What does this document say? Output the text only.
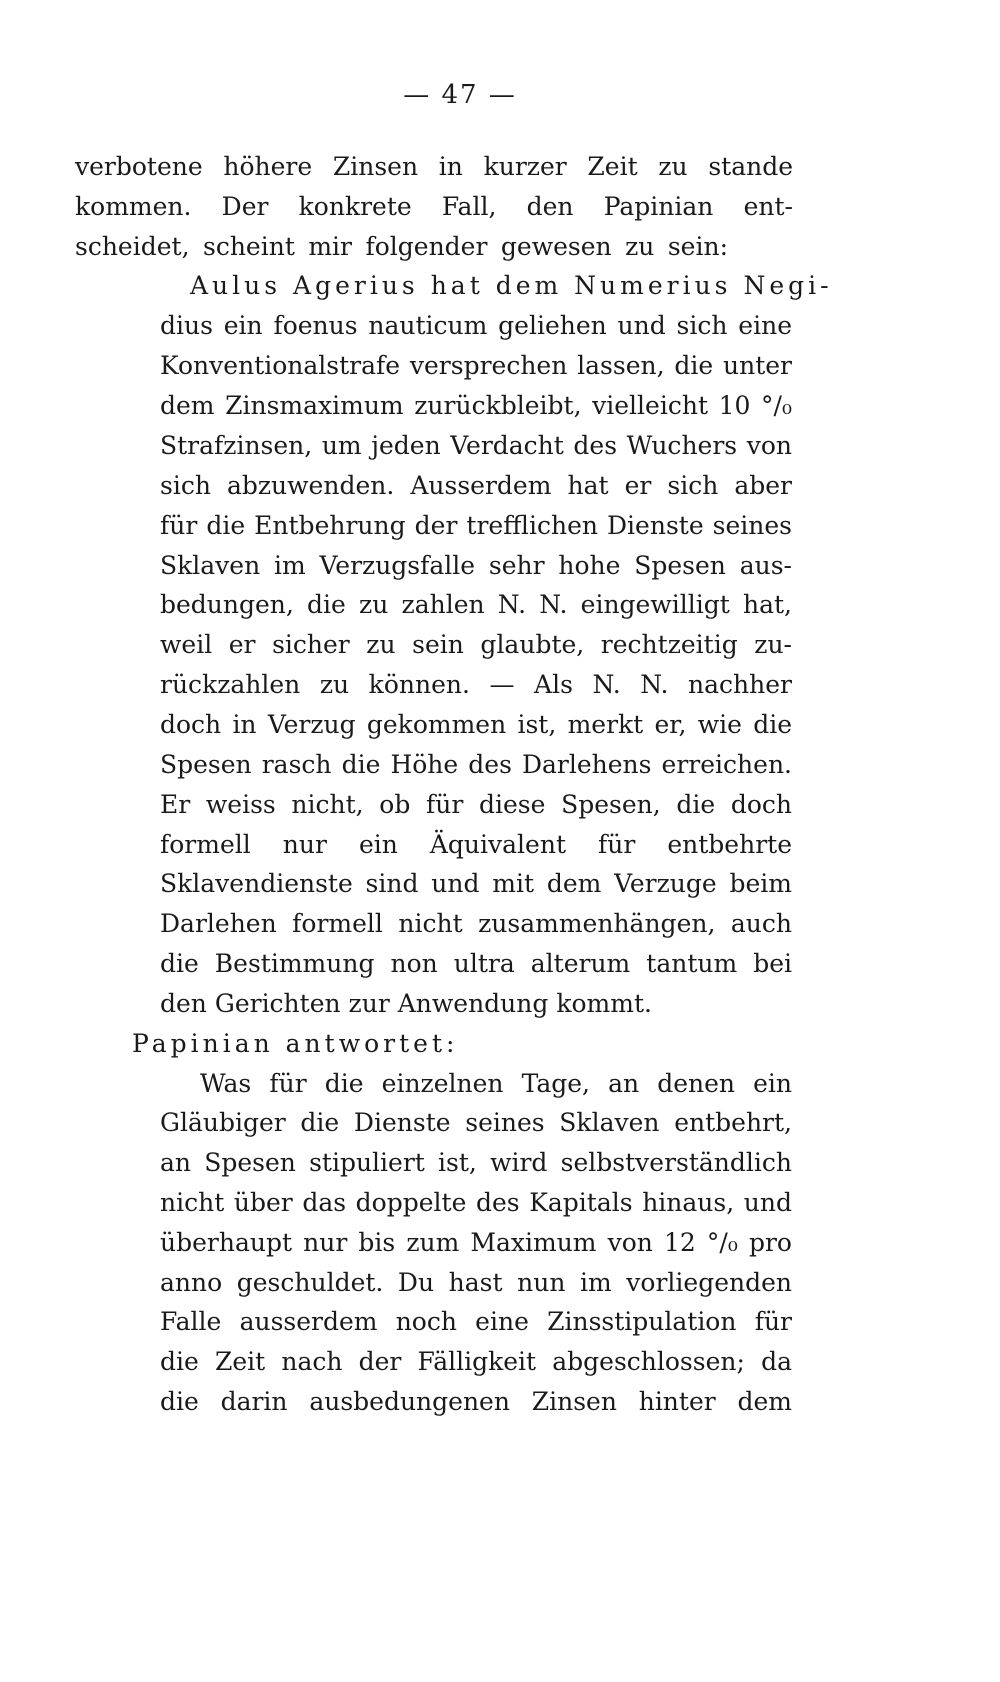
— 47 —
verbotene höhere Zinsen in kurzer Zeit zu stande
kommen. Der konkrete Fall, den Papinian ent-
scheidet, scheint mir folgender gewesen zu sein:
Aulus Agerius hat dem Numerius Negi-
dius ein foenus nauticum geliehen und sich eine
Konventionalstrafe versprechen lassen, die unter
dem Zinsmaximum zurückbleibt, vielleicht 10 °/₀
Strafzinsen, um jeden Verdacht des Wuchers von
sich abzuwenden. Ausserdem hat er sich aber
für die Entbehrung der trefflichen Dienste seines
Sklaven im Verzugsfalle sehr hohe Spesen aus-
bedungen, die zu zahlen N. N. eingewilligt hat,
weil er sicher zu sein glaubte, rechtzeitig zu-
rückzahlen zu können. — Als N. N. nachher
doch in Verzug gekommen ist, merkt er, wie die
Spesen rasch die Höhe des Darlehens erreichen.
Er weiss nicht, ob für diese Spesen, die doch
formell nur ein Äquivalent für entbehrte
Sklavendienste sind und mit dem Verzuge beim
Darlehen formell nicht zusammenhängen, auch
die Bestimmung non ultra alterum tantum bei
den Gerichten zur Anwendung kommt.
Papinian antwortet:
Was für die einzelnen Tage, an denen ein
Gläubiger die Dienste seines Sklaven entbehrt,
an Spesen stipuliert ist, wird selbstverständlich
nicht über das doppelte des Kapitals hinaus, und
überhaupt nur bis zum Maximum von 12 °/₀ pro
anno geschuldet. Du hast nun im vorliegenden
Falle ausserdem noch eine Zinsstipulation für
die Zeit nach der Fälligkeit abgeschlossen; da
die darin ausbedungenen Zinsen hinter dem
